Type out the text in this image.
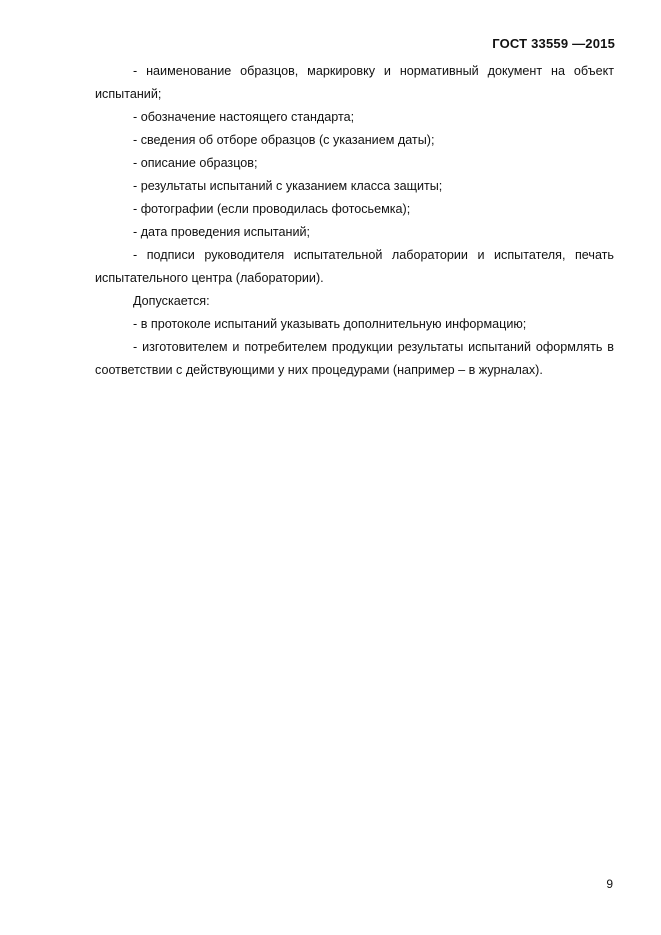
ГОСТ 33559 —2015

- наименование образцов, маркировку и нормативный документ на объект испытаний;

- обозначение настоящего стандарта;

- сведения об отборе образцов (с указанием даты);

- описание образцов;

- результаты испытаний с указанием класса защиты;

- фотографии (если проводилась фотосьемка);

- дата проведения испытаний;

- подписи руководителя испытательной лаборатории и испытателя, печать испытательного центра (лаборатории).

Допускается:

- в протоколе испытаний указывать дополнительную информацию;

- изготовителем и потребителем продукции результаты испытаний оформлять в соответствии с действующими у них процедурами (например – в журналах).

9
